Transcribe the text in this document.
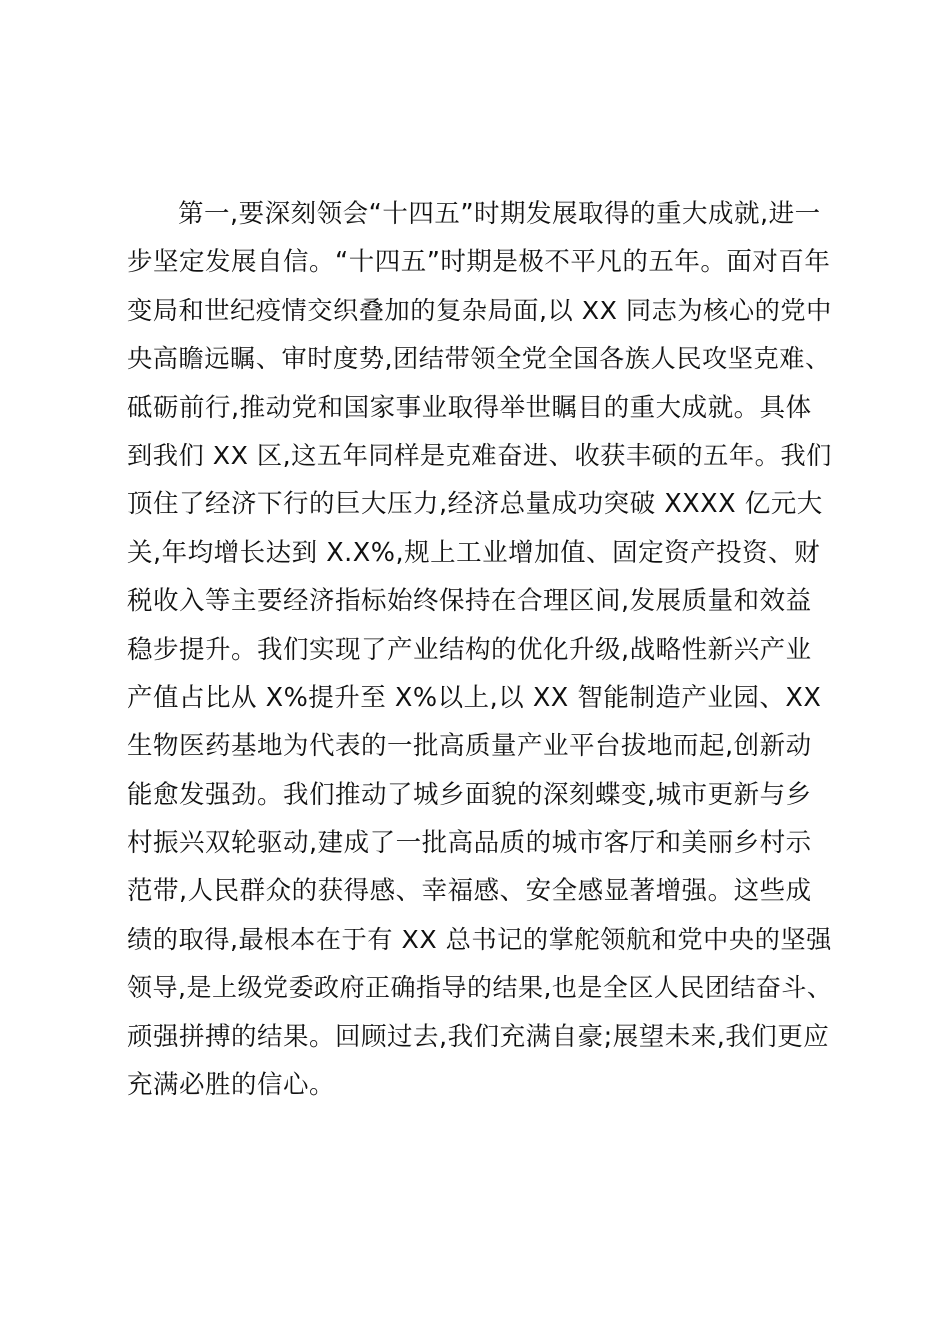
第一,要深刻领会“十四五”时期发展取得的重大成就,进一
步坚定发展自信。“十四五”时期是极不平凡的五年。面对百年
变局和世纪疫情交织叠加的复杂局面,以 XX 同志为核心的党中
央高瞻远瞩、审时度势,团结带领全党全国各族人民攻坚克难、
砥砺前行,推动党和国家事业取得举世瞩目的重大成就。具体
到我们 XX 区,这五年同样是克难奋进、收获丰硕的五年。我们
顶住了经济下行的巨大压力,经济总量成功突破 XXXX 亿元大
关,年均增长达到 X.X%,规上工业增加值、固定资产投资、财
税收入等主要经济指标始终保持在合理区间,发展质量和效益
稳步提升。我们实现了产业结构的优化升级,战略性新兴产业
产值占比从 X%提升至 X%以上,以 XX 智能制造产业园、XX
生物医药基地为代表的一批高质量产业平台拔地而起,创新动
能愈发强劲。我们推动了城乡面貌的深刻蝶变,城市更新与乡
村振兴双轮驱动,建成了一批高品质的城市客厅和美丽乡村示
范带,人民群众的获得感、幸福感、安全感显著增强。这些成
绩的取得,最根本在于有 XX 总书记的掌舵领航和党中央的坚强
领导,是上级党委政府正确指导的结果,也是全区人民团结奋斗、
顽强拼搏的结果。回顾过去,我们充满自豪;展望未来,我们更应
充满必胜的信心。
